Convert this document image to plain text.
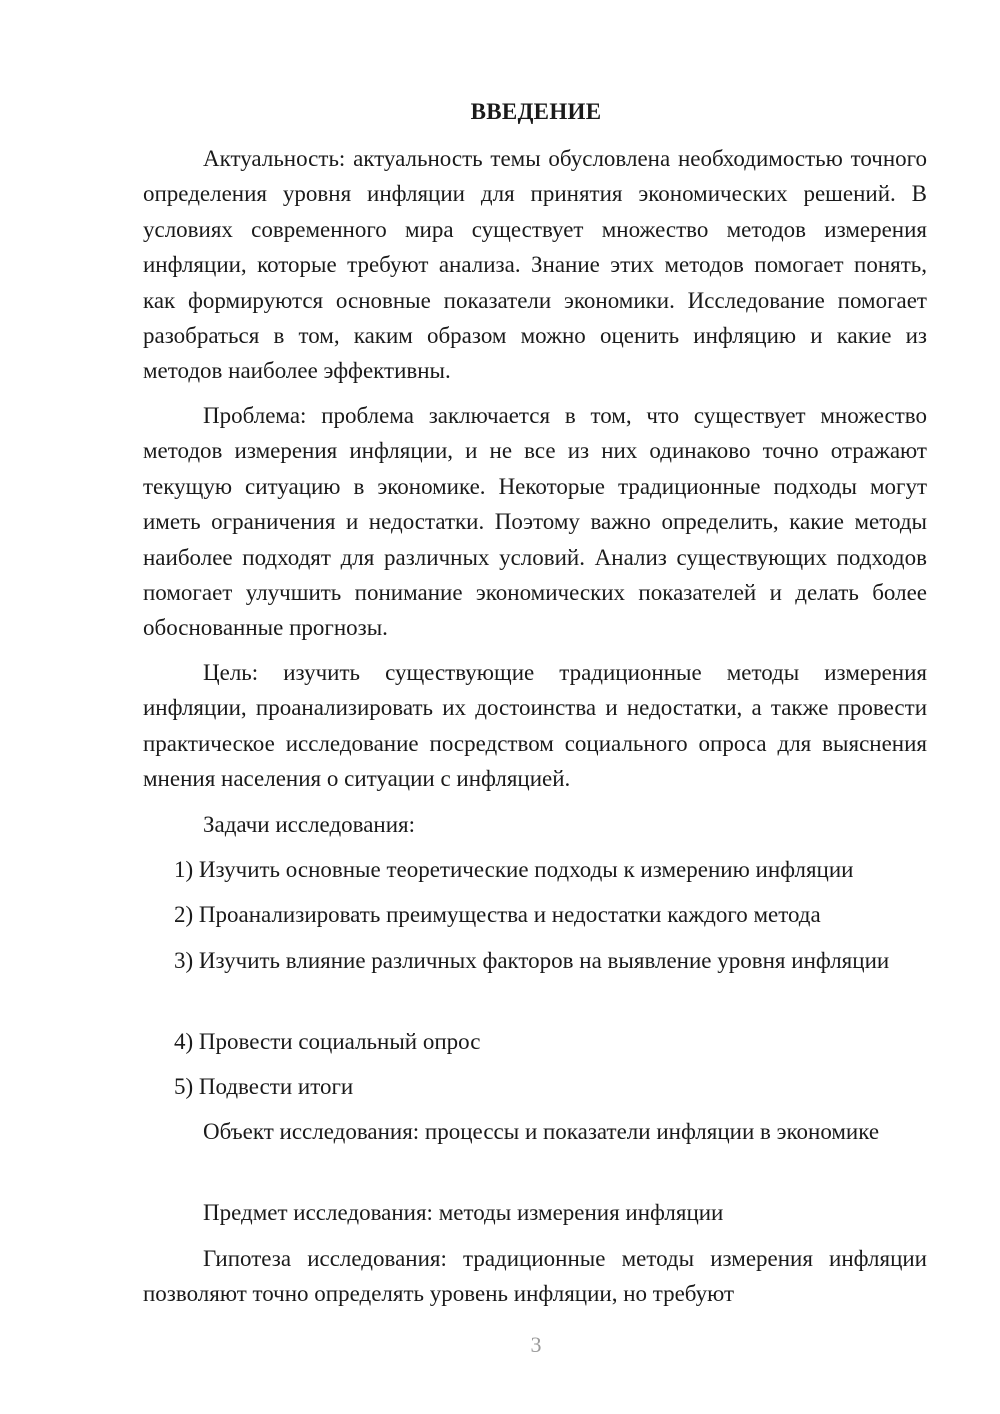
ВВЕДЕНИЕ
Актуальность: актуальность темы обусловлена необходимостью точного определения уровня инфляции для принятия экономических решений. В условиях современного мира существует множество методов измерения инфляции, которые требуют анализа. Знание этих методов помогает понять, как формируются основные показатели экономики. Исследование помогает разобраться в том, каким образом можно оценить инфляцию и какие из методов наиболее эффективны.
Проблема: проблема заключается в том, что существует множество методов измерения инфляции, и не все из них одинаково точно отражают текущую ситуацию в экономике. Некоторые традиционные подходы могут иметь ограничения и недостатки. Поэтому важно определить, какие методы наиболее подходят для различных условий. Анализ существующих подходов помогает улучшить понимание экономических показателей и делать более обоснованные прогнозы.
Цель: изучить существующие традиционные методы измерения инфляции, проанализировать их достоинства и недостатки, а также провести практическое исследование посредством социального опроса для выяснения мнения населения о ситуации с инфляцией.
Задачи исследования:
1) Изучить основные теоретические подходы к измерению инфляции
2) Проанализировать преимущества и недостатки каждого метода
3) Изучить влияние различных факторов на выявление уровня инфляции
4) Провести социальный опрос
5) Подвести итоги
Объект исследования: процессы и показатели инфляции в экономике
Предмет исследования: методы измерения инфляции
Гипотеза исследования: традиционные методы измерения инфляции позволяют точно определять уровень инфляции, но требуют
3
